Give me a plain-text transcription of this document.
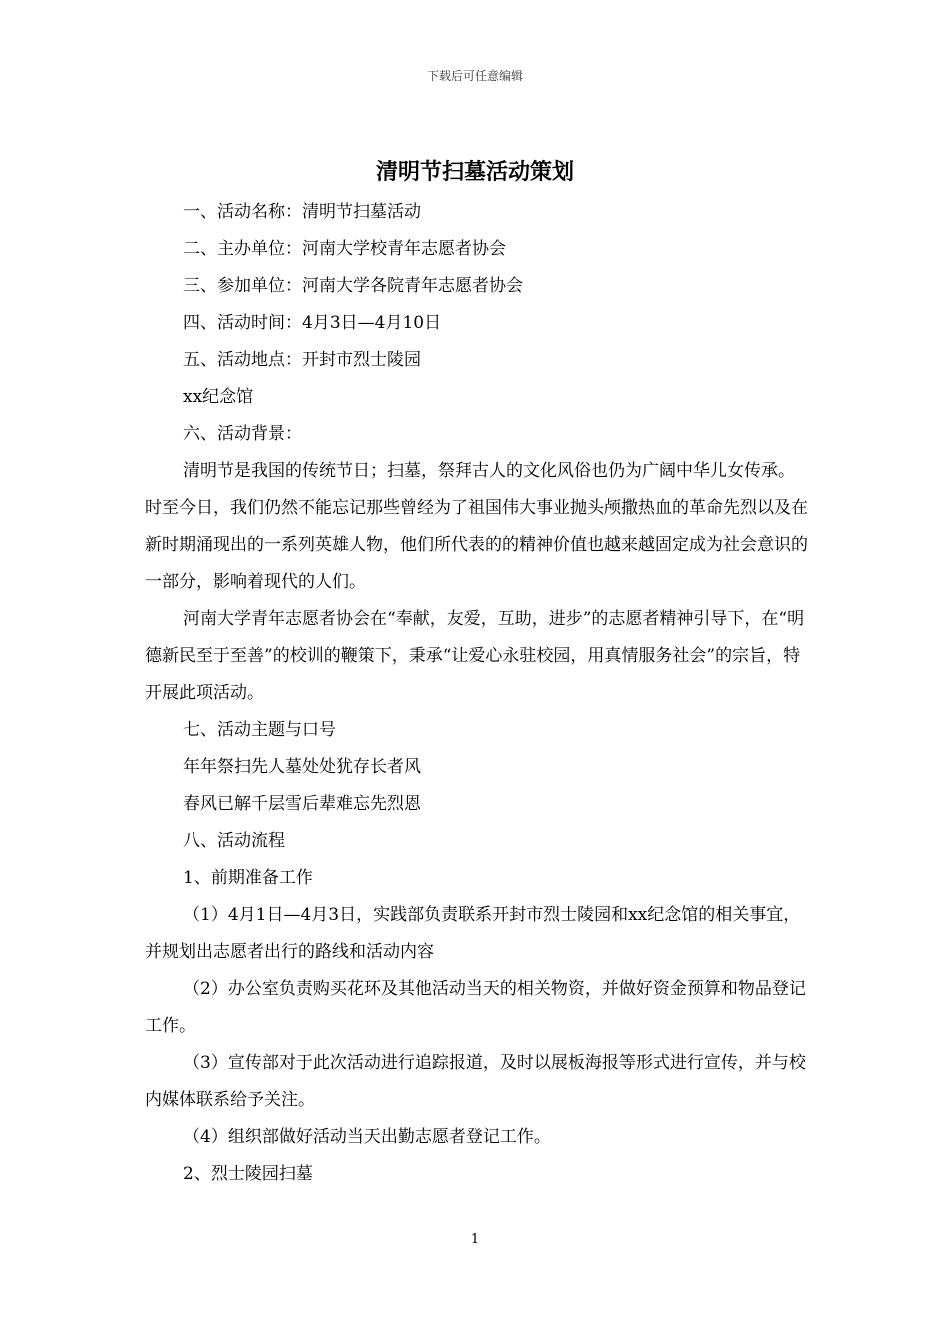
下载后可任意编辑
清明节扫墓活动策划

一、活动名称：清明节扫墓活动

二、主办单位：河南大学校青年志愿者协会

三、参加单位：河南大学各院青年志愿者协会

四、活动时间：4月3日—4月10日

五、活动地点：开封市烈士陵园

xx纪念馆

六、活动背景：

清明节是我国的传统节日；扫墓，祭拜古人的文化风俗也仍为广阔中华儿女传承。时至今日，我们仍然不能忘记那些曾经为了祖国伟大事业抛头颅撒热血的革命先烈以及在新时期涌现出的一系列英雄人物，他们所代表的的精神价值也越来越固定成为社会意识的一部分，影响着现代的人们。

河南大学青年志愿者协会在“奉献，友爱，互助，进步”的志愿者精神引导下，在“明德新民至于至善”的校训的鞭策下，秉承“让爱心永驻校园，用真情服务社会”的宗旨，特开展此项活动。

七、活动主题与口号

年年祭扫先人墓处处犹存长者风

春风已解千层雪后辈难忘先烈恩

八、活动流程

1、前期准备工作

（1）4月1日—4月3日，实践部负责联系开封市烈士陵园和xx纪念馆的相关事宜，并规划出志愿者出行的路线和活动内容

（2）办公室负责购买花环及其他活动当天的相关物资，并做好资金预算和物品登记工作。

（3）宣传部对于此次活动进行追踪报道，及时以展板海报等形式进行宣传，并与校内媒体联系给予关注。

（4）组织部做好活动当天出勤志愿者登记工作。

2、烈士陵园扫墓

1
